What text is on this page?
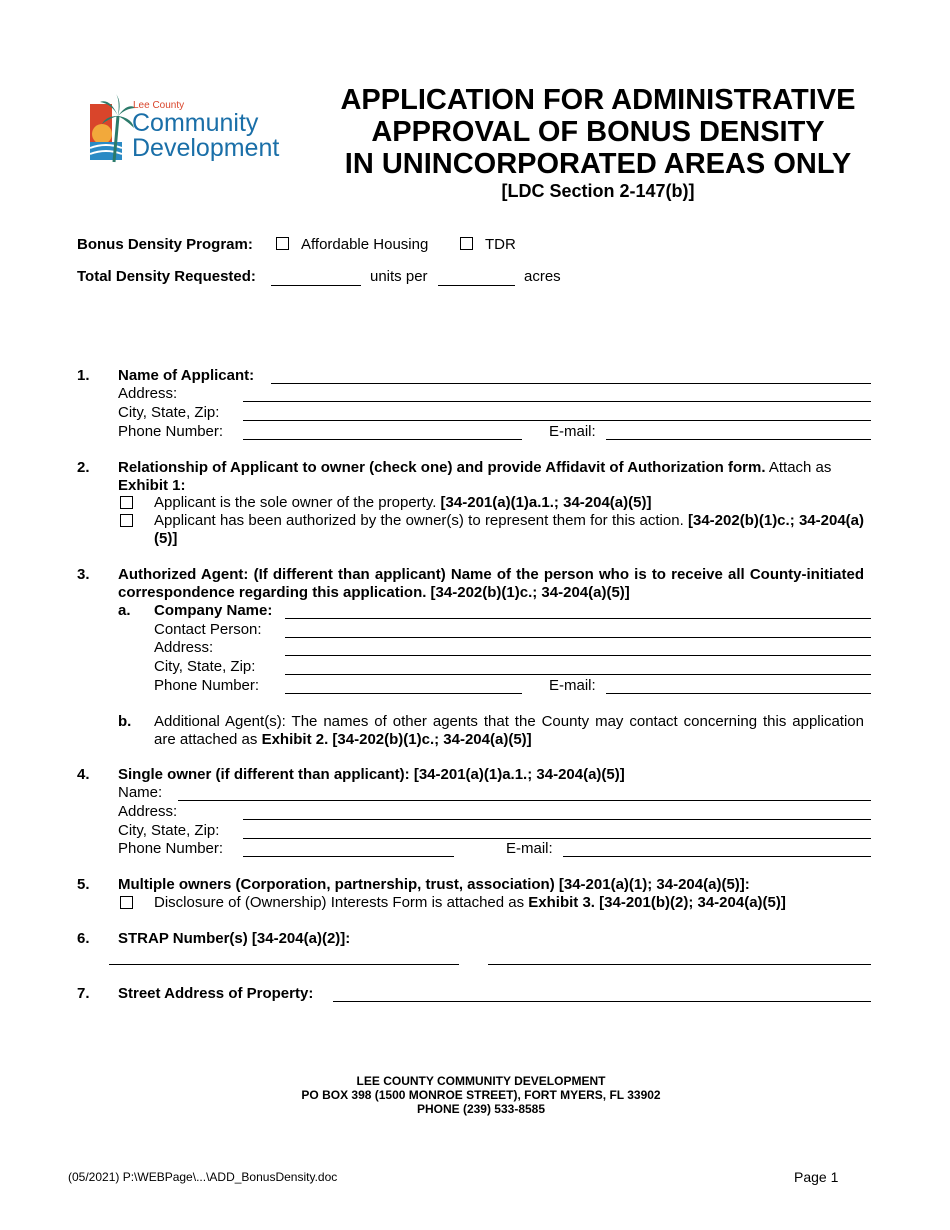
Lee County
Community
Development
APPLICATION FOR ADMINISTRATIVE
APPROVAL OF BONUS DENSITY
IN UNINCORPORATED AREAS ONLY
[LDC Section 2-147(b)]
Bonus Density Program:	Affordable Housing	TDR
Total Density Requested:	units per	acres
1. Name of Applicant:
Address:
City, State, Zip:
Phone Number:	E-mail:
2. Relationship of Applicant to owner (check one) and provide Affidavit of Authorization form. Attach as Exhibit 1:
Applicant is the sole owner of the property. [34-201(a)(1)a.1.; 34-204(a)(5)]
Applicant has been authorized by the owner(s) to represent them for this action. [34-202(b)(1)c.; 34-204(a)(5)]
3. Authorized Agent: (If different than applicant) Name of the person who is to receive all County-initiated correspondence regarding this application. [34-202(b)(1)c.; 34-204(a)(5)]
a. Company Name:
Contact Person:
Address:
City, State, Zip:
Phone Number:	E-mail:
b. Additional Agent(s): The names of other agents that the County may contact concerning this application are attached as Exhibit 2. [34-202(b)(1)c.; 34-204(a)(5)]
4. Single owner (if different than applicant): [34-201(a)(1)a.1.; 34-204(a)(5)]
Name:
Address:
City, State, Zip:
Phone Number:	E-mail:
5. Multiple owners (Corporation, partnership, trust, association) [34-201(a)(1); 34-204(a)(5)]:
Disclosure of (Ownership) Interests Form is attached as Exhibit 3. [34-201(b)(2); 34-204(a)(5)]
6. STRAP Number(s) [34-204(a)(2)]:
7. Street Address of Property:
LEE COUNTY COMMUNITY DEVELOPMENT
PO BOX 398 (1500 MONROE STREET), FORT MYERS, FL 33902
PHONE (239) 533-8585
(05/2021) P:\WEBPage\...\ADD_BonusDensity.doc	Page 1
